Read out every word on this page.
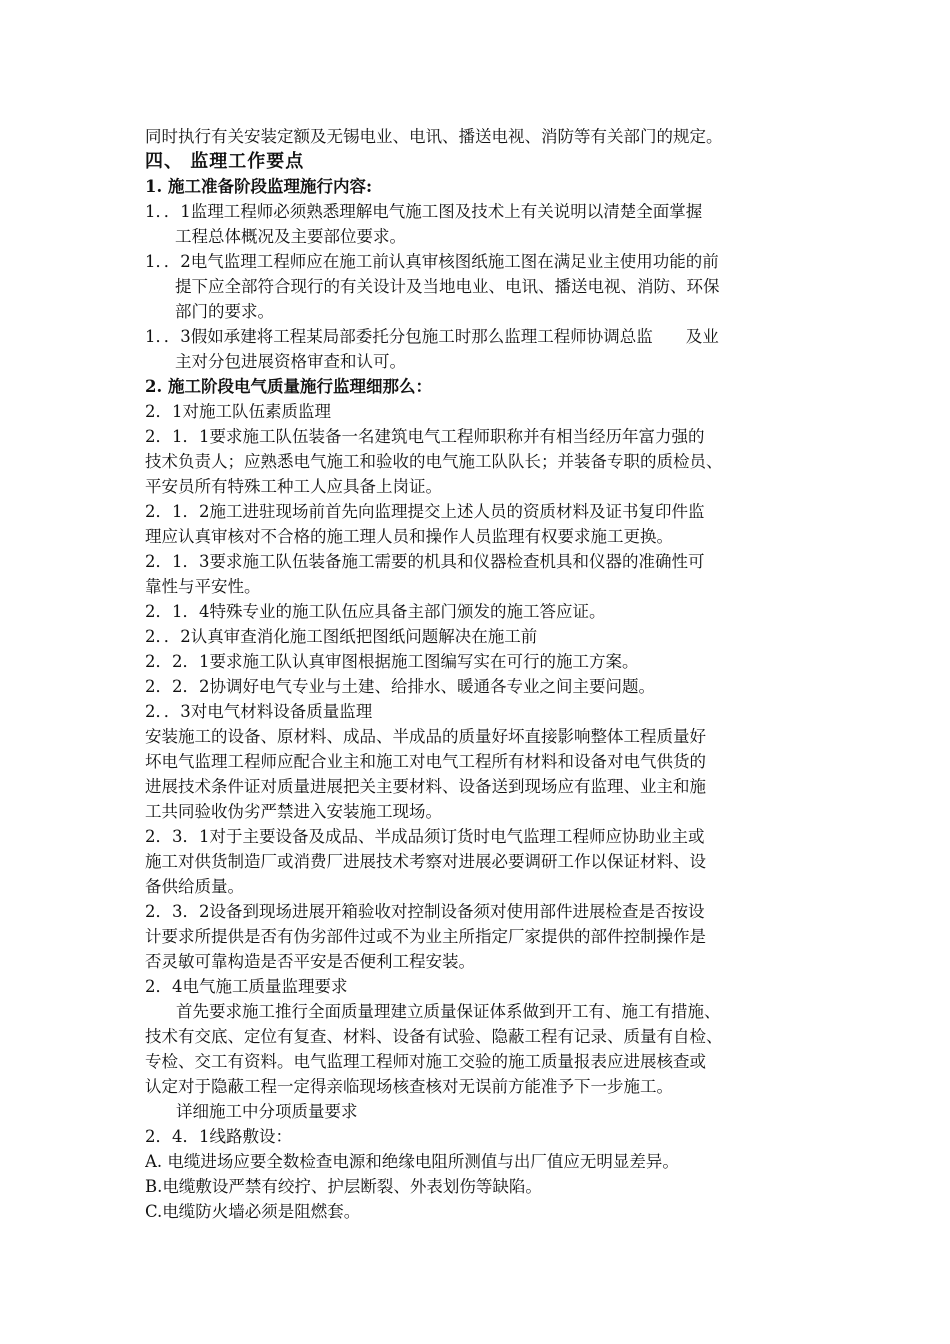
同时执行有关安装定额及无锡电业、电讯、播送电视、消防等有关部门的规定。
四、 监理工作要点
1. 施工准备阶段监理施行内容:
1．．1监理工程师必须熟悉理解电气施工图及技术上有关说明以清楚全面掌握
工程总体概况及主要部位要求。
1．．2电气监理工程师应在施工前认真审核图纸施工图在满足业主使用功能的前
提下应全部符合现行的有关设计及当地电业、电讯、播送电视、消防、环保
部门的要求。
1．．3假如承建将工程某局部委托分包施工时那么监理工程师协调总监　　及业
主对分包进展资格审查和认可。
2. 施工阶段电气质量施行监理细那么：
2．1对施工队伍素质监理
2．1．1要求施工队伍装备一名建筑电气工程师职称并有相当经历年富力强的
技术负责人；应熟悉电气施工和验收的电气施工队队长；并装备专职的质检员、
平安员所有特殊工种工人应具备上岗证。
2．1．2施工进驻现场前首先向监理提交上述人员的资质材料及证书复印件监
理应认真审核对不合格的施工理人员和操作人员监理有权要求施工更换。
2．1．3要求施工队伍装备施工需要的机具和仪器检查机具和仪器的准确性可
靠性与平安性。
2．1．4特殊专业的施工队伍应具备主部门颁发的施工答应证。
2．．2认真审查消化施工图纸把图纸问题解决在施工前
2．2．1要求施工队认真审图根据施工图编写实在可行的施工方案。
2．2．2协调好电气专业与土建、给排水、暖通各专业之间主要问题。
2．．3对电气材料设备质量监理
安装施工的设备、原材料、成品、半成品的质量好坏直接影响整体工程质量好
坏电气监理工程师应配合业主和施工对电气工程所有材料和设备对电气供货的
进展技术条件证对质量进展把关主要材料、设备送到现场应有监理、业主和施
工共同验收伪劣严禁进入安装施工现场。
2．3．1对于主要设备及成品、半成品须订货时电气监理工程师应协助业主或
施工对供货制造厂或消费厂进展技术考察对进展必要调研工作以保证材料、设
备供给质量。
2．3．2设备到现场进展开箱验收对控制设备须对使用部件进展检查是否按设
计要求所提供是否有伪劣部件过或不为业主所指定厂家提供的部件控制操作是
否灵敏可靠构造是否平安是否便利工程安装。
2．4电气施工质量监理要求
首先要求施工推行全面质量理建立质量保证体系做到开工有、施工有措施、
技术有交底、定位有复查、材料、设备有试验、隐蔽工程有记录、质量有自检、
专检、交工有资料。电气监理工程师对施工交验的施工质量报表应进展核查或
认定对于隐蔽工程一定得亲临现场核查核对无误前方能准予下一步施工。
详细施工中分项质量要求
2．4．1线路敷设：
A. 电缆进场应要全数检查电源和绝缘电阻所测值与出厂值应无明显差异。
B.电缆敷设严禁有绞拧、护层断裂、外表划伤等缺陷。
C.电缆防火墙必须是阻燃套。
